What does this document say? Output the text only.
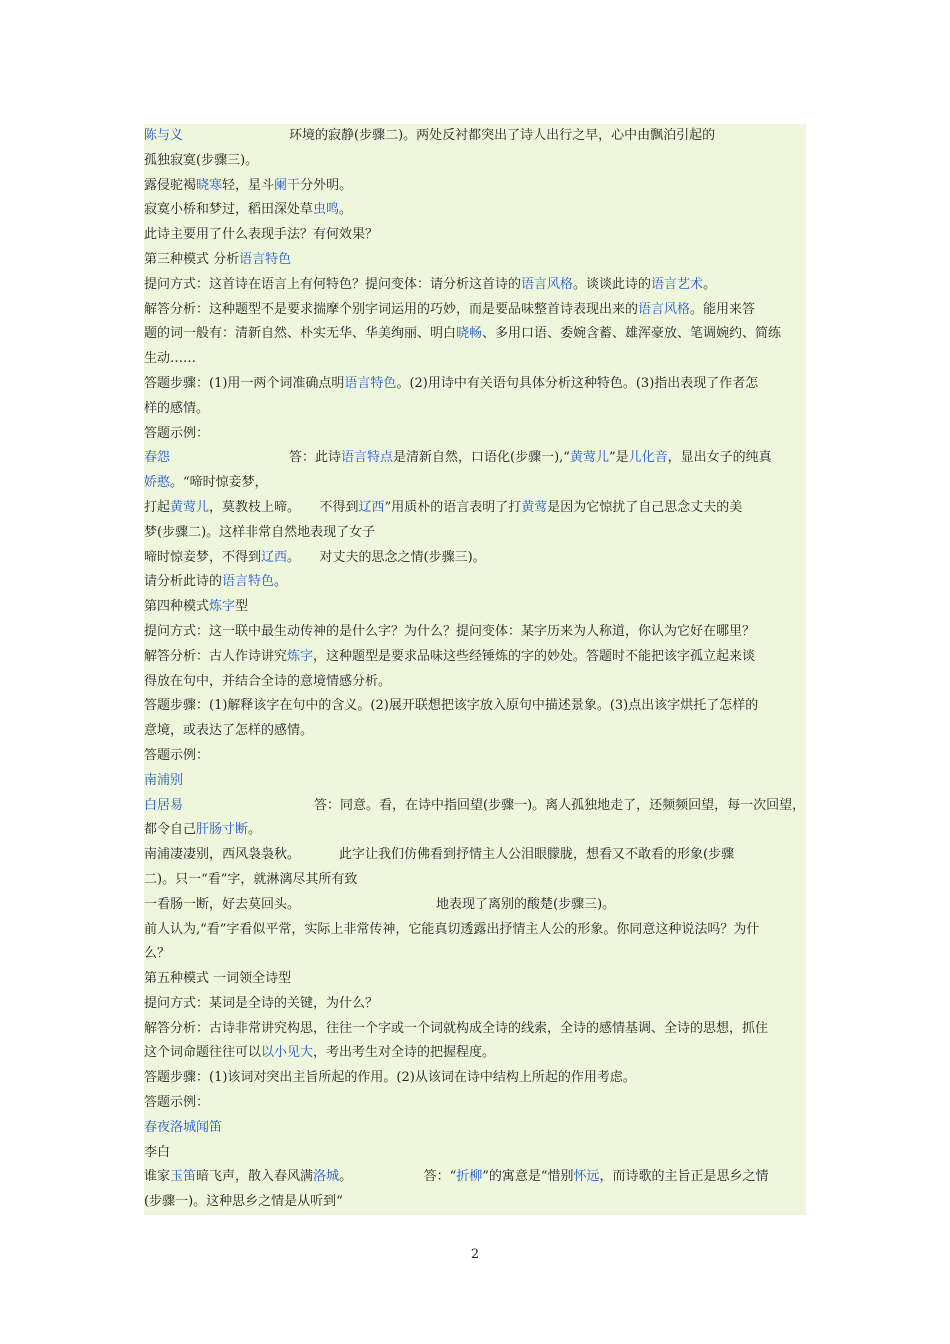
陈与义	环境的寂静(步骤二)。两处反衬都突出了诗人出行之早，心中由飘泊引起的
孤独寂寞(步骤三)。
露侵驼褐 晓寒 轻，星斗 阑干 分外明。
寂寞小桥和梦过，稻田深处草 虫鸣 。
此诗主要用了什么表现手法？有何效果？
第三种模式 分析 语言特色
提问方式：这首诗在语言上有何特色？提问变体：请分析这首诗的 语言风格 。谈谈此诗的 语言艺术 。
解答分析：这种题型不是要求揣摩个别字词运用的巧妙，而是要品味整首诗表现出来的 语言风格 。能用来答
题的词一般有：清新自然、朴实无华、华美绚丽、明白 晓畅 、多用口语、委婉含蓄、雄浑豪放、笔调婉约、简练
生动……
答题步骤：(1)用一两个词准确点明 语言特色 。(2)用诗中有关语句具体分析这种特色。(3)指出表现了作者怎
样的感情。
答题示例：
春怨	答：此诗 语言特点 是清新自然，口语化(步骤一),“ 黄莺儿 ”是 儿化音 ，显出女子的纯真
娇憨 。“啼时惊妾梦，
打起 黄莺儿 ，莫教枝上啼。　　不得到 辽西 ”用质朴的语言表明了打 黄莺 是因为它惊扰了自己思念丈夫的美
梦(步骤二)。这样非常自然地表现了女子
啼时惊妾梦，不得到 辽西 。　　对丈夫的思念之情(步骤三)。
请分析此诗的 语言特色 。
第四种模式 炼字 型
提问方式：这一联中最生动传神的是什么字？为什么？提问变体：某字历来为人称道，你认为它好在哪里？
解答分析：古人作诗讲究 炼字 ，这种题型是要求品味这些经锤炼的字的妙处。答题时不能把该字孤立起来谈
得放在句中，并结合全诗的意境情感分析。
答题步骤：(1)解释该字在句中的含义。(2)展开联想把该字放入原句中描述景象。(3)点出该字烘托了怎样的
意境，或表达了怎样的感情。
答题示例：
南浦别
白居易	答：同意。看，在诗中指回望(步骤一)。离人孤独地走了，还频频回望，每一次回望，
都令自己 肝肠寸断 。
南浦凄凄别，西风袅袅秋。	此字让我们仿佛看到抒情主人公泪眼朦胧，想看又不敢看的形象(步骤
二)。只一“看”字，就淋漓尽其所有致
一看肠一断，好去莫回头。	地表现了离别的酸楚(步骤三)。
前人认为,“看”字看似平常，实际上非常传神，它能真切透露出抒情主人公的形象。你同意这种说法吗？为什
么？
第五种模式 一词领全诗型
提问方式：某词是全诗的关键，为什么？
解答分析：古诗非常讲究构思，往往一个字或一个词就构成全诗的线索，全诗的感情基调、全诗的思想，抓住
这个词命题往往可以 以小见大 ，考出考生对全诗的把握程度。
答题步骤：(1)该词对突出主旨所起的作用。(2)从该词在诗中结构上所起的作用考虑。
答题示例：
春夜洛城闻笛
李白
谁家 玉笛 暗飞声，散入春风满 洛城 。　　　　　　答：“ 折柳 ”的寓意是“惜别 怀远 ，而诗歌的主旨正是思乡之情
(步骤一)。这种思乡之情是从听到“
2
